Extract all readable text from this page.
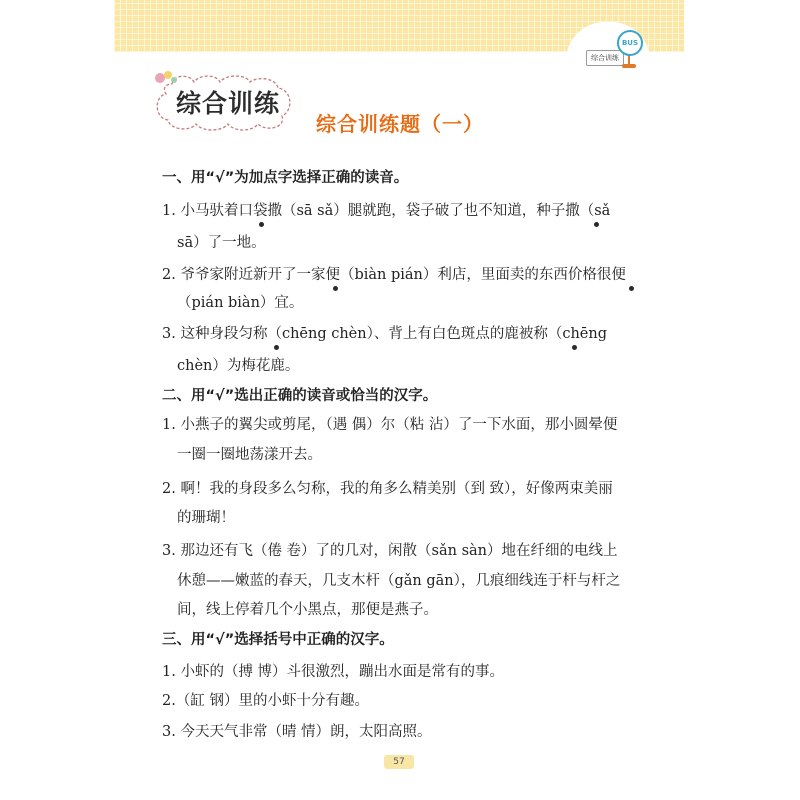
综合训练
BUS
综合训练
综合训练题（一）
一、用“√”为加点字选择正确的读音。
1. 小马驮着口袋撒（sā sǎ）腿就跑，袋子破了也不知道，种子撒（sǎ
sā）了一地。
2. 爷爷家附近新开了一家便（biàn pián）利店，里面卖的东西价格很便
（pián biàn）宜。
3. 这种身段匀称（chēng chèn）、背上有白色斑点的鹿被称（chēng
chèn）为梅花鹿。
二、用“√”选出正确的读音或恰当的汉字。
1. 小燕子的翼尖或剪尾，（遇 偶）尔（粘 沾）了一下水面，那小圆晕便
一圈一圈地荡漾开去。
2. 啊！我的身段多么匀称，我的角多么精美别（到 致），好像两束美丽
的珊瑚！
3. 那边还有飞（倦 卷）了的几对，闲散（sǎn sàn）地在纤细的电线上
休憩——嫩蓝的春天，几支木杆（gǎn gān），几痕细线连于杆与杆之
间，线上停着几个小黑点，那便是燕子。
三、用“√”选择括号中正确的汉字。
1. 小虾的（搏 博）斗很激烈，蹦出水面是常有的事。
2.（缸 钢）里的小虾十分有趣。
3. 今天天气非常（晴 情）朗，太阳高照。
57
